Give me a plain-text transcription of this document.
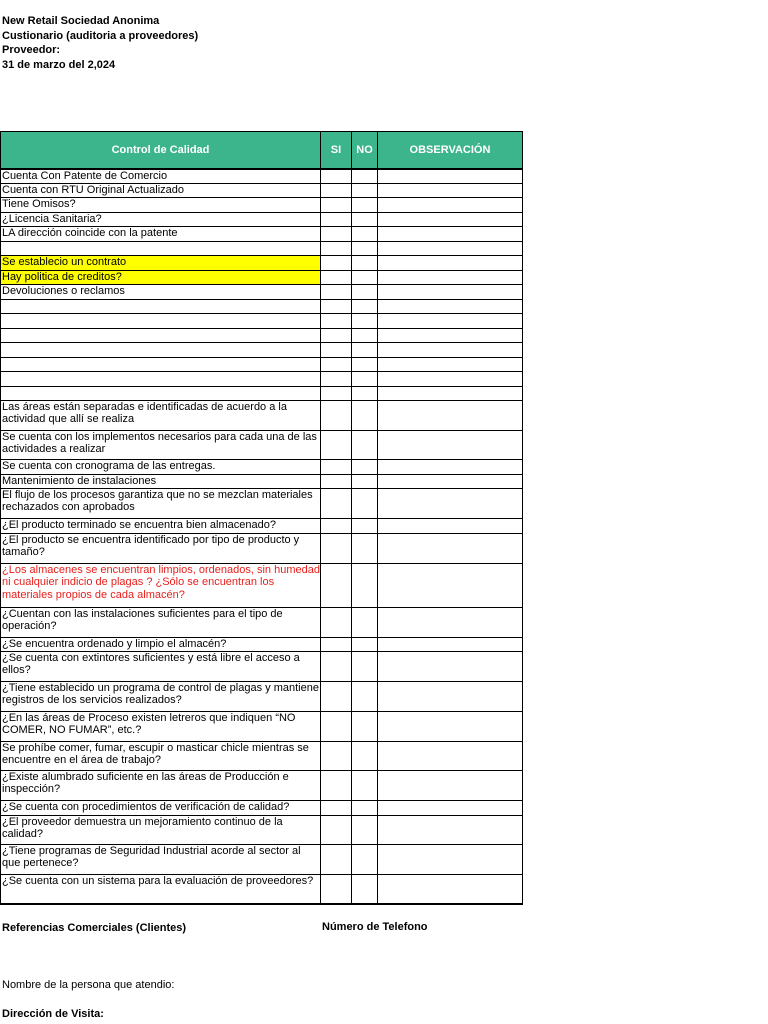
New Retail Sociedad Anonima
Custionario (auditoria a proveedores)
Proveedor:
31 de marzo del 2,024
Control de Calidad	SI	NO	OBSERVACIÓN
Cuenta Con Patente de Comercio			
Cuenta con RTU Original Actualizado			
Tiene Omisos?			
¿Licencia Sanitaria?			
LA dirección coincide con la patente			

Se establecio un contrato			
Hay politica de creditos?			
Devoluciones o reclamos			

Las áreas están separadas e identificadas de acuerdo a la actividad que allí se realiza			
Se cuenta con los implementos necesarios para cada una de las actividades a realizar			
Se cuenta con cronograma de las entregas.			
Mantenimiento de instalaciones			
El flujo de los procesos garantiza que no se mezclan materiales rechazados con aprobados			
¿El producto terminado se encuentra bien almacenado?			
¿El producto se encuentra identificado por tipo de producto y tamaño?			
¿Los almacenes se encuentran limpios, ordenados, sin humedad ni cualquier indicio de plagas ? ¿Sólo se encuentran los materiales propios de cada almacén?			
¿Cuentan con las instalaciones suficientes para el tipo de operación?			
¿Se encuentra ordenado y limpio el almacén?			
¿Se cuenta con extintores suficientes y está libre el acceso a ellos?			
¿Tiene establecido un programa de control de plagas y mantiene registros de los servicios realizados?			
¿En las áreas de Proceso existen letreros que indiquen “NO COMER, NO FUMAR”, etc.?			
Se prohíbe comer, fumar, escupir o masticar chicle mientras se encuentre en el área de trabajo?			
¿Existe alumbrado suficiente en las áreas de Producción e inspección?			
¿Se cuenta con procedimientos de verificación de calidad?			
¿El proveedor demuestra un mejoramiento continuo de la calidad?			
¿Tiene programas de Seguridad Industrial acorde al sector al que pertenece?			
¿Se cuenta con un sistema para la evaluación de proveedores?			
Referencias Comerciales (Clientes)	Número de Telefono
Nombre de la persona que atendio:
Dirección de Visita:
